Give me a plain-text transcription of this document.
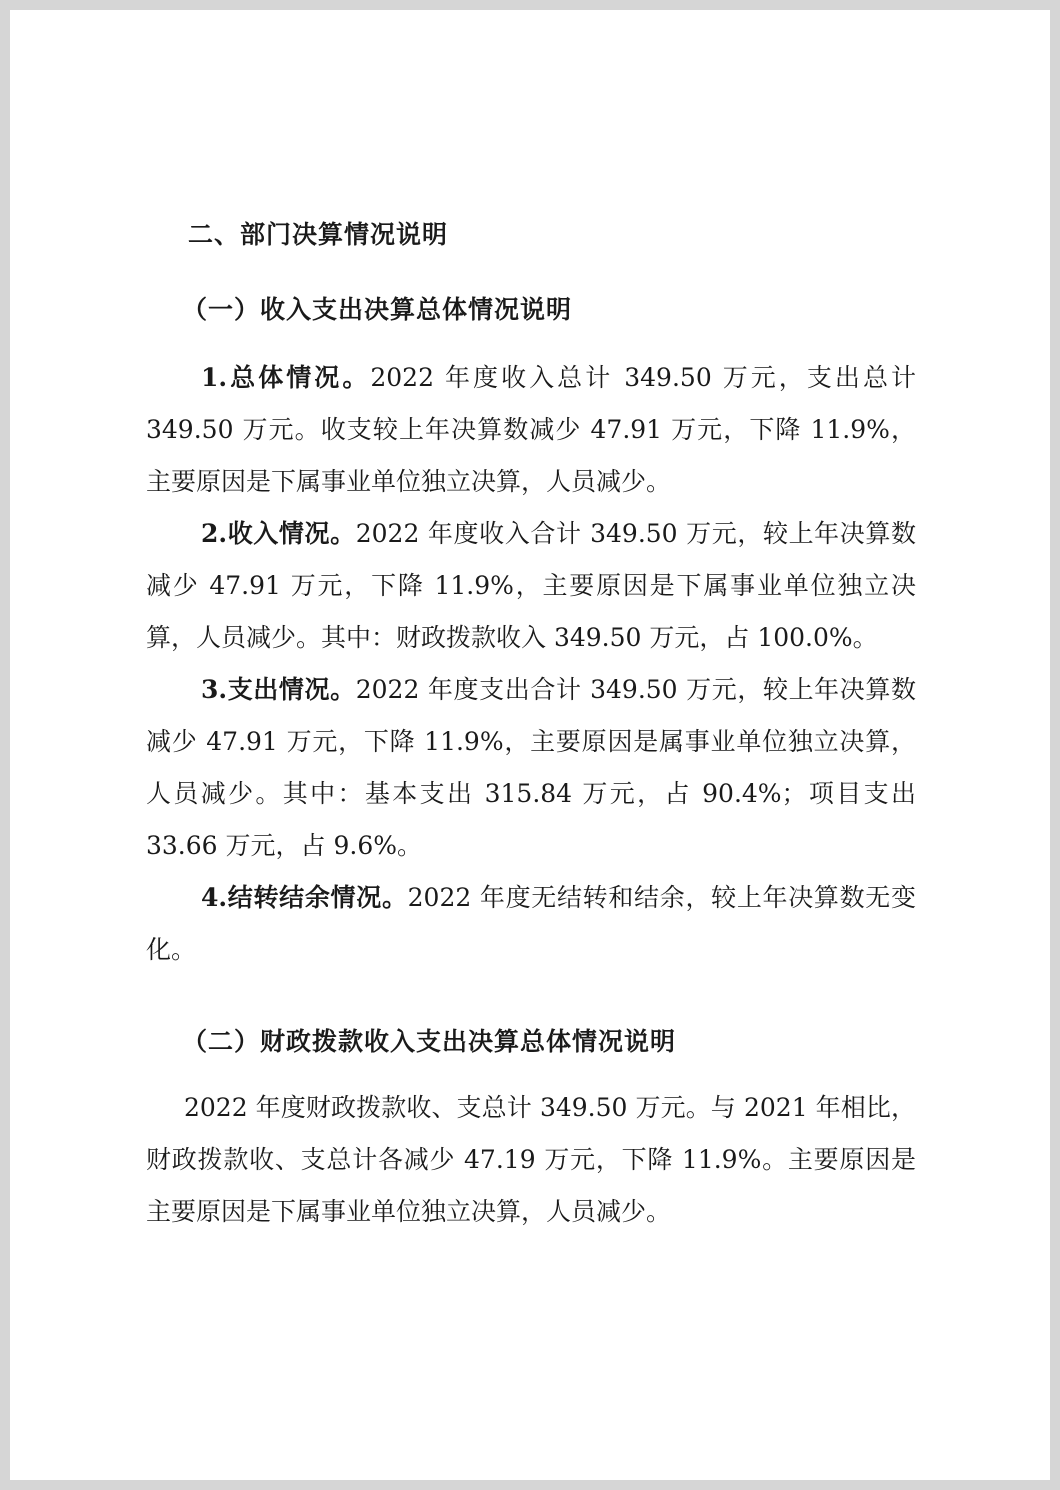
二、部门决算情况说明
（一）收入支出决算总体情况说明

1.总体情况。2022 年度收入总计 349.50 万元，支出总计 349.50 万元。收支较上年决算数减少 47.91 万元，下降 11.9%，主要原因是下属事业单位独立决算，人员减少。

2.收入情况。2022 年度收入合计 349.50 万元，较上年决算数减少 47.91 万元，下降 11.9%，主要原因是下属事业单位独立决算，人员减少。其中：财政拨款收入 349.50 万元，占 100.0%。

3.支出情况。2022 年度支出合计 349.50 万元，较上年决算数减少 47.91 万元，下降 11.9%，主要原因是属事业单位独立决算，人员减少。其中：基本支出 315.84 万元，占 90.4%；项目支出 33.66 万元，占 9.6%。

4.结转结余情况。2022 年度无结转和结余，较上年决算数无变化。

（二）财政拨款收入支出决算总体情况说明

2022 年度财政拨款收、支总计 349.50 万元。与 2021 年相比，财政拨款收、支总计各减少 47.19 万元，下降 11.9%。主要原因是主要原因是下属事业单位独立决算，人员减少。
